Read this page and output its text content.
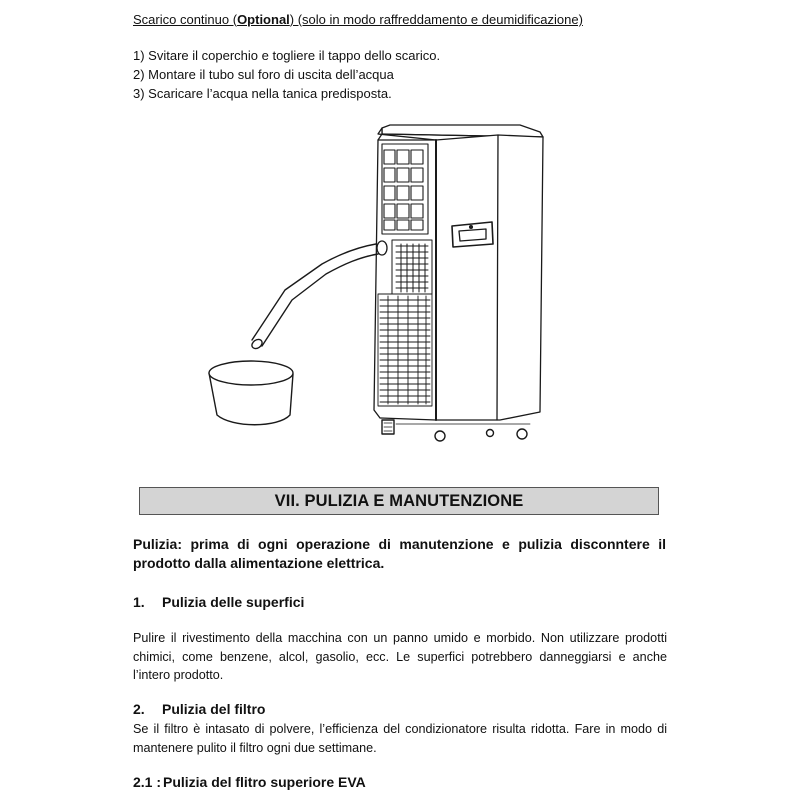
Scarico continuo (Optional) (solo in modo raffreddamento e deumidificazione)
1) Svitare il coperchio e togliere il tappo dello scarico.
2) Montare il tubo sul foro di uscita dell’acqua
3) Scaricare l’acqua nella tanica predisposta.
VII. PULIZIA E MANUTENZIONE
Pulizia: prima di ogni operazione di manutenzione e pulizia disconntere il
prodotto dalla alimentazione elettrica.
1. Pulizia delle superfici
Pulire il rivestimento della macchina con un panno umido e morbido. Non utilizzare prodotti
chimici, come benzene, alcol, gasolio, ecc. Le superfici potrebbero danneggiarsi e anche
l’intero prodotto.
2. Pulizia del filtro
Se il filtro è intasato di polvere, l’efficienza del condizionatore risulta ridotta. Fare in modo di
mantenere pulito il filtro ogni due settimane.
2.1 : Pulizia del flitro superiore EVA
